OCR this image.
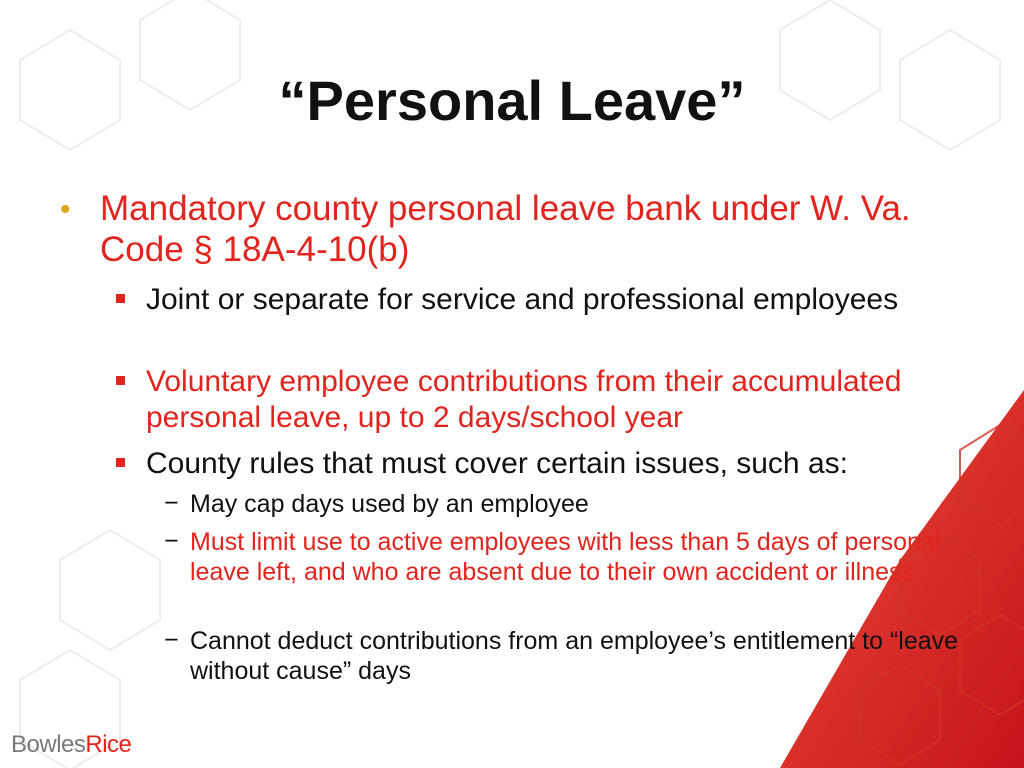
“Personal Leave”
• Mandatory county personal leave bank under W. Va. Code § 18A-4-10(b)

Joint or separate for service and professional employees

Voluntary employee contributions from their accumulated personal leave, up to 2 days/school year

County rules that must cover certain issues, such as:

− May cap days used by an employee

− Must limit use to active employees with less than 5 days of personal leave left, and who are absent due to their own accident or illness

− Cannot deduct contributions from an employee’s entitlement to “leave without cause” days

BowlesRice
